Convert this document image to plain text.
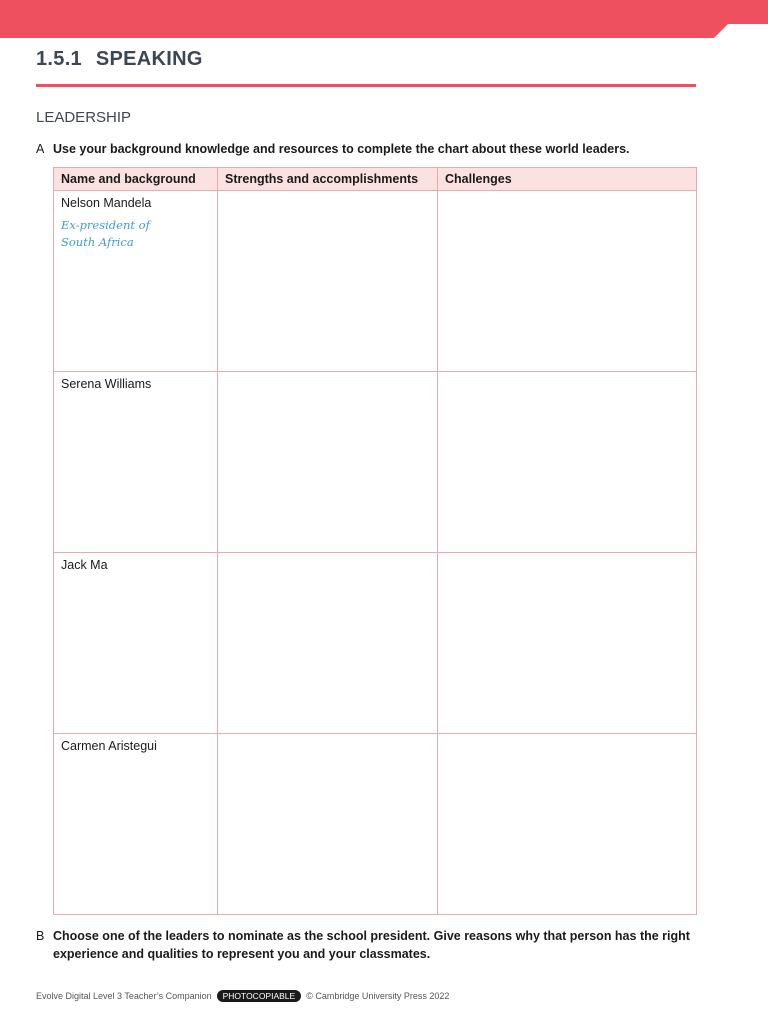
1.5.1 SPEAKING
LEADERSHIP
A Use your background knowledge and resources to complete the chart about these world leaders.
Name and background	Strengths and accomplishments	Challenges

Nelson Mandela
Ex-president of
South Africa		

Serena Williams		

Jack Ma		

Carmen Aristegui		

B Choose one of the leaders to nominate as the school president. Give reasons why that person has the right experience and qualities to represent you and your classmates.
Evolve Digital Level 3 Teacher’s Companion	PHOTOCOPIABLE	© Cambridge University Press 2022
